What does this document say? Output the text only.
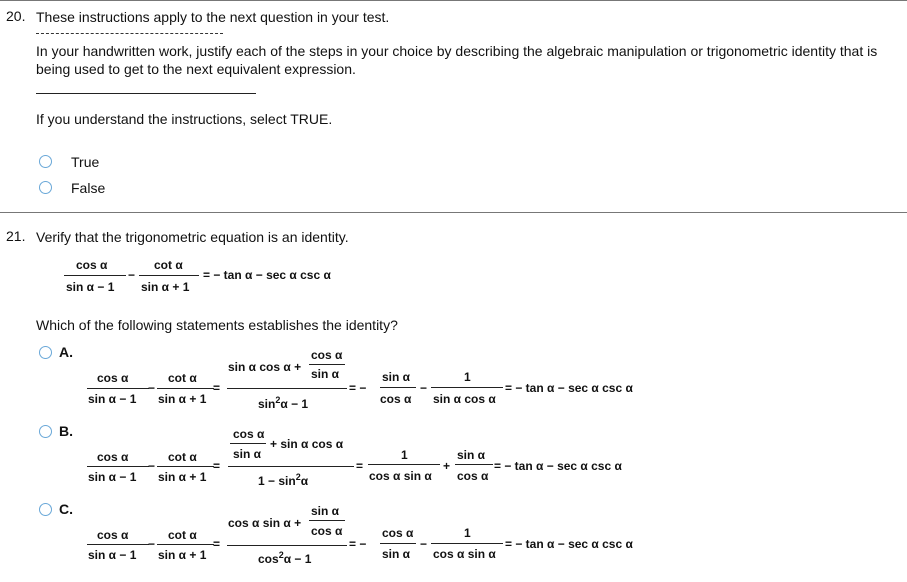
20. These instructions apply to the next question in your test.
In your handwritten work, justify each of the steps in your choice by describing the algebraic manipulation or trigonometric identity that is being used to get to the next equivalent expression.
If you understand the instructions, select TRUE.
True
False
21. Verify that the trigonometric equation is an identity.
cos α
sin α − 1
−
cot α
sin α + 1
= − tan α − sec α csc α
Which of the following statements establishes the identity?
A.
cos α
sin α − 1
−
cot α
sin α + 1
=
sin α cos α +
cos α
sin α
$\sin^2\alpha - 1$
= −
sin α
cos α
−
1
sin α cos α
= − tan α − sec α csc α
B.
cos α
sin α − 1
−
cot α
sin α + 1
=
cos α
sin α
+ sin α cos α
$1 - \sin^2\alpha$
=
1
cos α sin α
+
sin α
cos α
= − tan α − sec α csc α
C.
cos α
sin α − 1
−
cot α
sin α + 1
=
cos α sin α +
sin α
cos α
$\cos^2\alpha - 1$
= −
cos α
sin α
−
1
cos α sin α
= − tan α − sec α csc α
